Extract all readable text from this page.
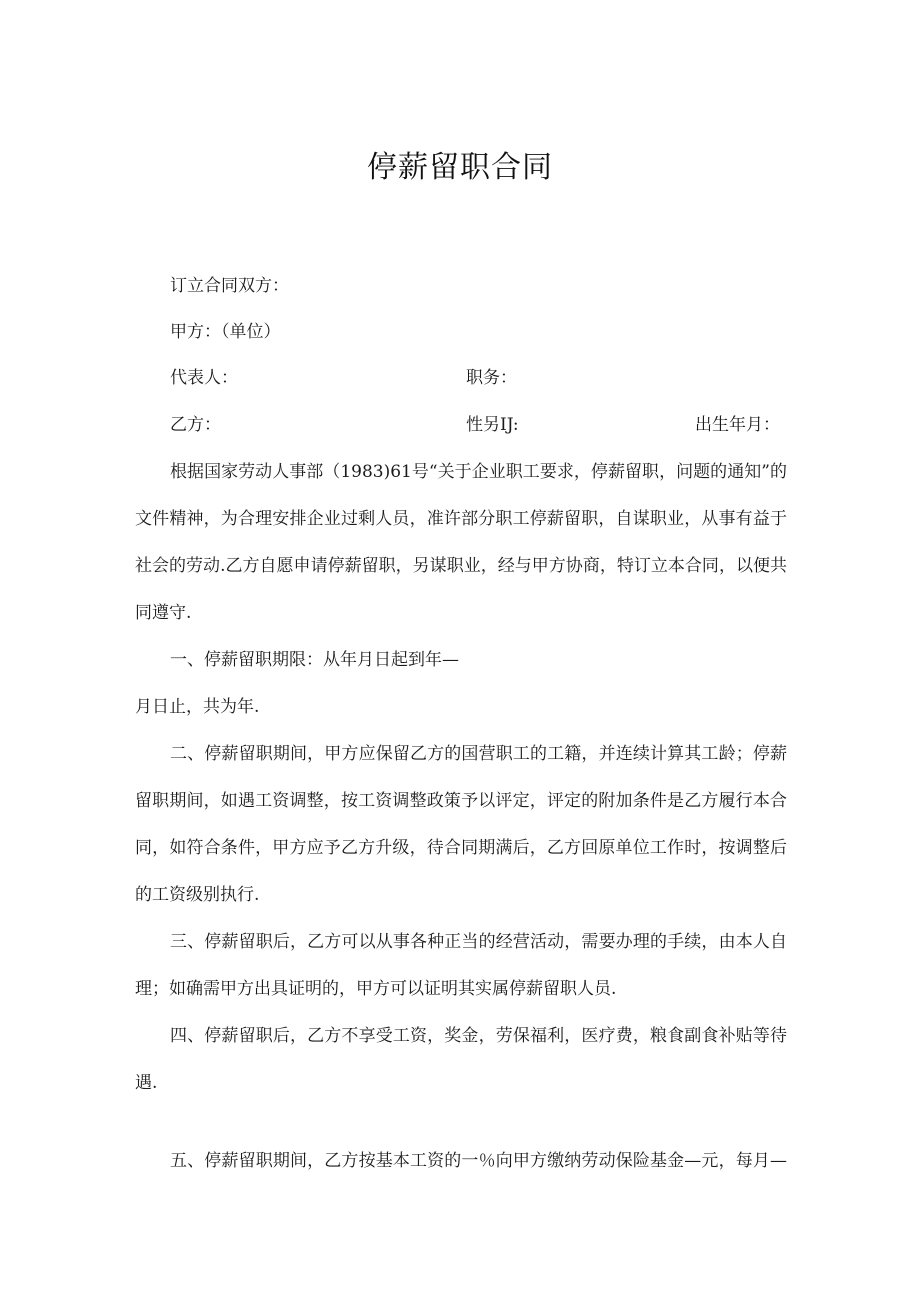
停薪留职合同
订立合同双方：
甲方：（单位）
代表人：	职务：
乙方：	性另IJ:	出生年月：
根据国家劳动人事部（1983)61号“关于企业职工要求，停薪留职，问题的通知”的
文件精神，为合理安排企业过剩人员，准许部分职工停薪留职，自谋职业，从事有益于
社会的劳动.乙方自愿申请停薪留职，另谋职业，经与甲方协商，特订立本合同，以便共
同遵守.
一、停薪留职期限：从年月日起到年—
月日止，共为年.
二、停薪留职期间，甲方应保留乙方的国营职工的工籍，并连续计算其工龄；停薪
留职期间，如遇工资调整，按工资调整政策予以评定，评定的附加条件是乙方履行本合
同，如符合条件，甲方应予乙方升级，待合同期满后，乙方回原单位工作时，按调整后
的工资级别执行.
三、停薪留职后，乙方可以从事各种正当的经营活动，需要办理的手续，由本人自
理；如确需甲方出具证明的，甲方可以证明其实属停薪留职人员.
四、停薪留职后，乙方不享受工资，奖金，劳保福利，医疗费，粮食副食补贴等待
遇.
五、停薪留职期间，乙方按基本工资的一％向甲方缴纳劳动保险基金—元，每月—
